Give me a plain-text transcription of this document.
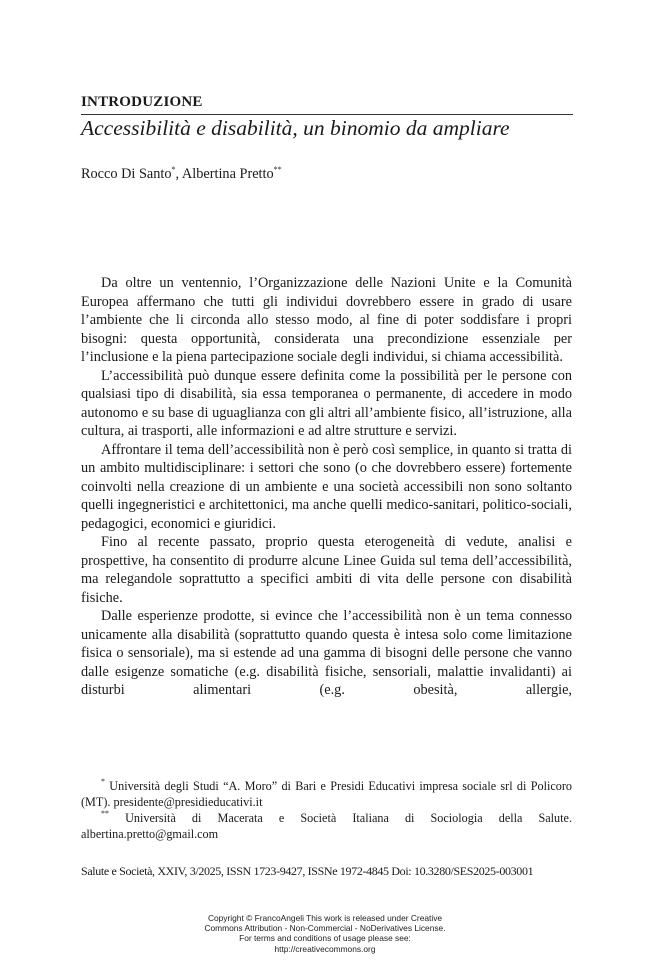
INTRODUZIONE
Accessibilità e disabilità, un binomio da ampliare
Rocco Di Santo*, Albertina Pretto**

Da oltre un ventennio, l’Organizzazione delle Nazioni Unite e la Comunità Europea affermano che tutti gli individui dovrebbero essere in grado di usare l’ambiente che li circonda allo stesso modo, al fine di poter soddisfare i propri bisogni: questa opportunità, considerata una precondizione essenziale per l’inclusione e la piena partecipazione sociale degli individui, si chiama accessibilità.

L’accessibilità può dunque essere definita come la possibilità per le persone con qualsiasi tipo di disabilità, sia essa temporanea o permanente, di accedere in modo autonomo e su base di uguaglianza con gli altri all’ambiente fisico, all’istruzione, alla cultura, ai trasporti, alle informazioni e ad altre strutture e servizi.

Affrontare il tema dell’accessibilità non è però così semplice, in quanto si tratta di un ambito multidisciplinare: i settori che sono (o che dovrebbero essere) fortemente coinvolti nella creazione di un ambiente e una società accessibili non sono soltanto quelli ingegneristici e architettonici, ma anche quelli medico-sanitari, politico-sociali, pedagogici, economici e giuridici.

Fino al recente passato, proprio questa eterogeneità di vedute, analisi e prospettive, ha consentito di produrre alcune Linee Guida sul tema dell’accessibilità, ma relegandole soprattutto a specifici ambiti di vita delle persone con disabilità fisiche.

Dalle esperienze prodotte, si evince che l’accessibilità non è un tema connesso unicamente alla disabilità (soprattutto quando questa è intesa solo come limitazione fisica o sensoriale), ma si estende ad una gamma di bisogni delle persone che vanno dalle esigenze somatiche (e.g. disabilità fisiche, sensoriali, malattie invalidanti) ai disturbi alimentari (e.g. obesità, allergie,

* Università degli Studi “A. Moro” di Bari e Presidi Educativi impresa sociale srl di Policoro (MT). presidente@presidieducativi.it

** Università di Macerata e Società Italiana di Sociologia della Salute. albertina.pretto@gmail.com

Salute e Società, XXIV, 3/2025, ISSN 1723-9427, ISSNe 1972-4845 Doi: 10.3280/SES2025-003001
Copyright © FrancoAngeli This work is released under Creative
Commons Attribution - Non-Commercial - NoDerivatives License.
For terms and conditions of usage please see:
http://creativecommons.org
